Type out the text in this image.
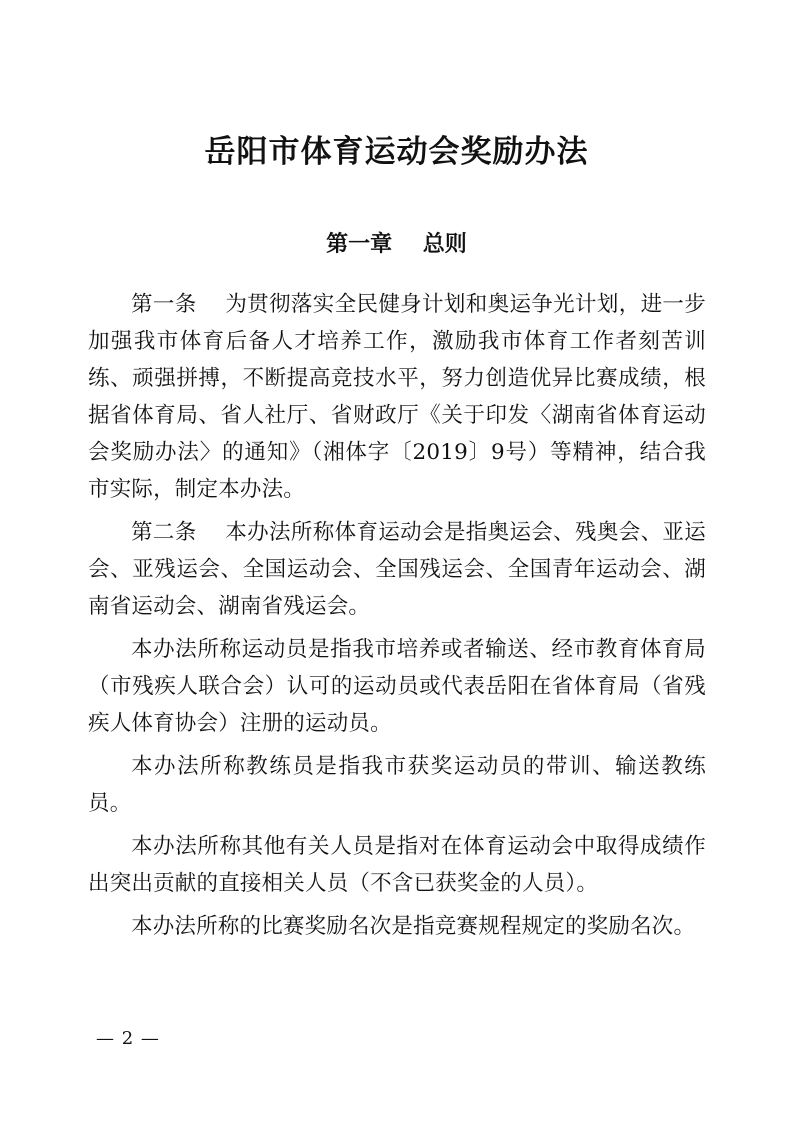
岳阳市体育运动会奖励办法
第一章    总则

第一条    为贯彻落实全民健身计划和奥运争光计划，进一步加强我市体育后备人才培养工作，激励我市体育工作者刻苦训练、顽强拼搏，不断提高竞技水平，努力创造优异比赛成绩，根据省体育局、省人社厅、省财政厅《关于印发〈湖南省体育运动会奖励办法〉的通知》（湘体字〔2019〕9号）等精神，结合我市实际，制定本办法。

第二条    本办法所称体育运动会是指奥运会、残奥会、亚运会、亚残运会、全国运动会、全国残运会、全国青年运动会、湖南省运动会、湖南省残运会。

本办法所称运动员是指我市培养或者输送、经市教育体育局（市残疾人联合会）认可的运动员或代表岳阳在省体育局（省残疾人体育协会）注册的运动员。

本办法所称教练员是指我市获奖运动员的带训、输送教练员。

本办法所称其他有关人员是指对在体育运动会中取得成绩作出突出贡献的直接相关人员（不含已获奖金的人员）。

本办法所称的比赛奖励名次是指竞赛规程规定的奖励名次。

— 2 —
